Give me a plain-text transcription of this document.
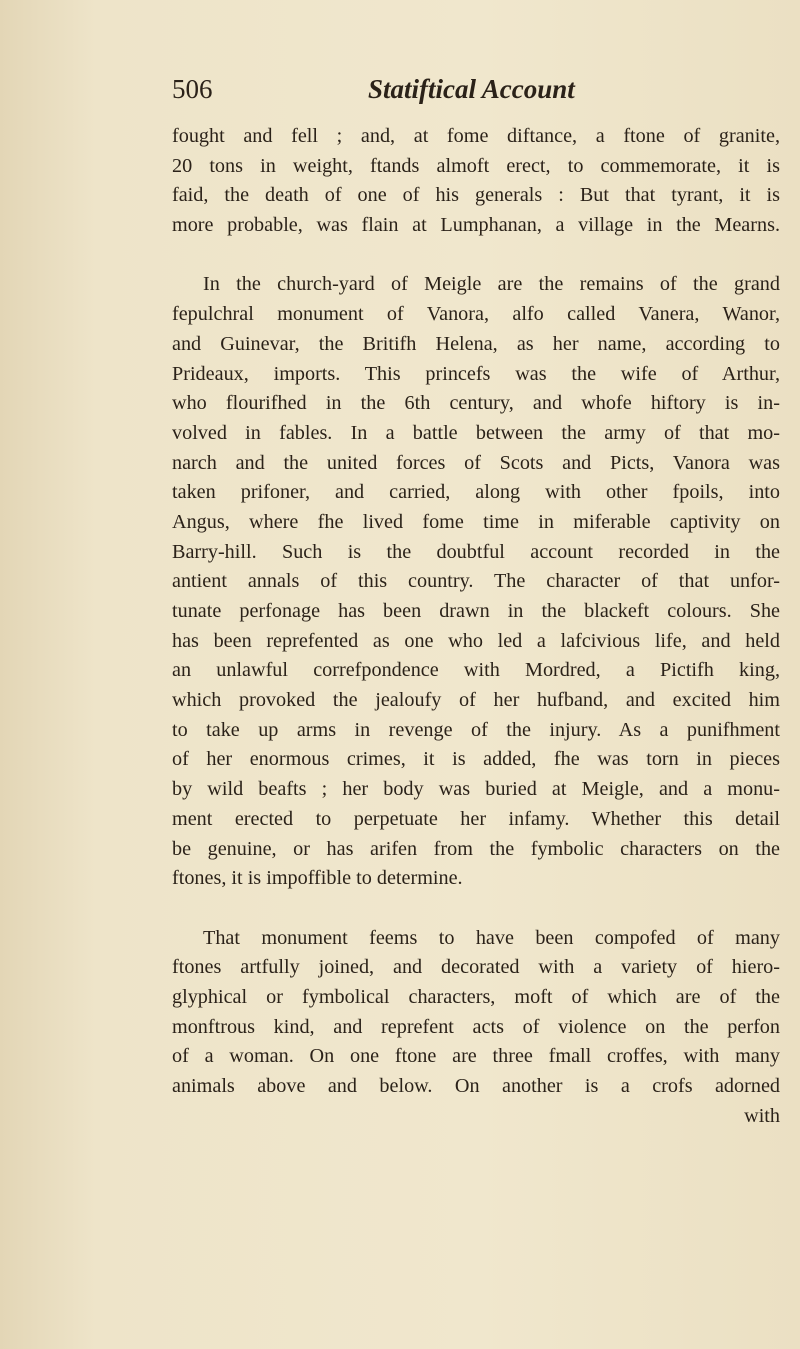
506	Statiftical Account
fought and fell ; and, at fome diftance, a ftone of granite,
20 tons in weight, ftands almoft erect, to commemorate, it is
faid, the death of one of his generals : But that tyrant, it is
more probable, was flain at Lumphanan, a village in the Mearns.
In the church-yard of Meigle are the remains of the grand
fepulchral monument of Vanora, alfo called Vanera, Wanor,
and Guinevar, the Britifh Helena, as her name, according to
Prideaux, imports. This princefs was the wife of Arthur,
who flourifhed in the 6th century, and whofe hiftory is in-
volved in fables. In a battle between the army of that mo-
narch and the united forces of Scots and Picts, Vanora was
taken prifoner, and carried, along with other fpoils, into
Angus, where fhe lived fome time in miferable captivity on
Barry-hill. Such is the doubtful account recorded in the
antient annals of this country. The character of that unfor-
tunate perfonage has been drawn in the blackeft colours. She
has been reprefented as one who led a lafcivious life, and held
an unlawful correfpondence with Mordred, a Pictifh king,
which provoked the jealoufy of her hufband, and excited him
to take up arms in revenge of the injury. As a punifhment
of her enormous crimes, it is added, fhe was torn in pieces
by wild beafts ; her body was buried at Meigle, and a monu-
ment erected to perpetuate her infamy. Whether this detail
be genuine, or has arifen from the fymbolic characters on the
ftones, it is impoffible to determine.
That monument feems to have been compofed of many
ftones artfully joined, and decorated with a variety of hiero-
glyphical or fymbolical characters, moft of which are of the
monftrous kind, and reprefent acts of violence on the perfon
of a woman. On one ftone are three fmall croffes, with many
animals above and below. On another is a crofs adorned
with
